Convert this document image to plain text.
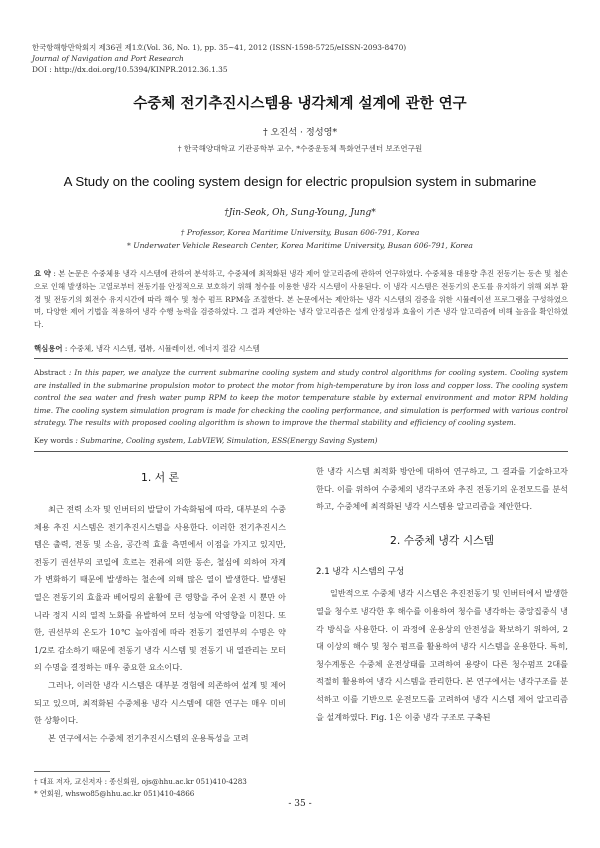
한국항해항만학회지 제36권 제1호(Vol. 36, No. 1), pp. 35~41, 2012 (ISSN-1598-5725/eISSN-2093-8470)
Journal of Navigation and Port Research
DOI : http://dx.doi.org/10.5394/KINPR.2012.36.1.35
수중체 전기추진시스템용 냉각체계 설계에 관한 연구
† 오진석 · 정성영*
† 한국해양대학교 기관공학부 교수, *수중운동체 특화연구센터 보조연구원
A Study on the cooling system design for electric propulsion system in submarine
†Jin-Seok, Oh, Sung-Young, Jung*
† Professor, Korea Maritime University, Busan 606-791, Korea
* Underwater Vehicle Research Center, Korea Maritime University, Busan 606-791, Korea
요 약 : 본 논문은 수중체용 냉각 시스템에 관하여 분석하고, 수중체에 최적화된 냉각 제어 알고리즘에 관하여 연구하였다. 수중체용 대용량 추진 전동기는 동손 및 철손으로 인해 발생하는 고열로부터 전동기를 안정적으로 보호하기 위해 청수를 이용한 냉각 시스템이 사용된다. 이 냉각 시스템은 전동기의 온도를 유지하기 위해 외부 환경 및 전동기의 회전수 유지시간에 따라 해수 및 청수 펌프 RPM을 조절한다. 본 논문에서는 제안하는 냉각 시스템의 검증을 위한 시뮬레이션 프로그램을 구성하였으며, 다양한 제어 기법을 적용하여 냉각 수행 능력을 검증하였다. 그 결과 제안하는 냉각 알고리즘은 설계 안정성과 효율이 기존 냉각 알고리즘에 비해 높음을 확인하였다.
핵심용어 : 수중체, 냉각 시스템, 랩뷰, 시뮬레이션, 에너지 절감 시스템
Abstract : In this paper, we analyze the current submarine cooling system and study control algorithms for cooling system. Cooling system are installed in the submarine propulsion motor to protect the motor from high-temperature by iron loss and copper loss. The cooling system control the sea water and fresh water pump RPM to keep the motor temperature stable by external environment and motor RPM holding time. The cooling system simulation program is made for checking the cooling performance, and simulation is performed with various control strategy. The results with proposed cooling algorithm is shown to improve the thermal stability and efficiency of cooling system.
Key words : Submarine, Cooling system, LabVIEW, Simulation, ESS(Energy Saving System)
1. 서 론

최근 전력 소자 및 인버터의 발달이 가속화됨에 따라, 대부분의 수중체용 추진 시스템은 전기추진시스템을 사용한다. 이러한 전기추진시스템은 출력, 전동 및 소음, 공간적 효율 측면에서 이점을 가지고 있지만, 전동기 권선부의 코일에 흐르는 전류에 의한 동손, 철심에 의하여 자계가 변화하기 때문에 발생하는 철손에 의해 많은 열이 발생한다. 발생된 열은 전동기의 효율과 베어링의 윤활에 큰 영향을 주어 운전 시 뿐만 아니라 정지 시의 열적 노화를 유발하여 모터 성능에 악영향을 미친다. 또한, 권선부의 온도가 10℃ 높아짐에 따라 전동기 절연부의 수명은 약 1/2로 감소하기 때문에 전동기 냉각 시스템 및 전동기 내 열관리는 모터의 수명을 결정하는 매우 중요한 요소이다.

그러나, 이러한 냉각 시스템은 대부분 경험에 의존하여 설계 및 제어되고 있으며, 최적화된 수중체용 냉각 시스템에 대한 연구는 매우 미비한 상황이다.

본 연구에서는 수중체 전기추진시스템의 운용특성을 고려

한 냉각 시스템 최적화 방안에 대하여 연구하고, 그 결과를 기술하고자 한다. 이를 위하여 수중체의 냉각구조와 추진 전동기의 운전모드를 분석하고, 수중체에 최적화된 냉각 시스템용 알고리즘을 제안한다.

2. 수중체 냉각 시스템
2.1 냉각 시스템의 구성

일반적으로 수중체 냉각 시스템은 추진전동기 및 인버터에서 발생한 열을 청수로 냉각한 후 해수를 이용하여 청수를 냉각하는 중앙집중식 냉각 방식을 사용한다. 이 과정에 운용상의 안전성을 확보하기 위하여, 2대 이상의 해수 및 청수 펌프를 활용하여 냉각 시스템을 운용한다. 특히, 청수계통은 수중체 운전상태를 고려하여 용량이 다른 청수펌프 2대를 적절히 활용하여 냉각 시스템을 관리한다. 본 연구에서는 냉각구조를 분석하고 이를 기반으로 운전모드를 고려하여 냉각 시스템 제어 알고리즘을 설계하였다. Fig. 1은 이중 냉각 구조로 구축된

† 대표 저자, 교신저자 : 종신회원, ojs@hhu.ac.kr 051)410-4283
* 연회원, whswo85@hhu.ac.kr 051)410-4866
- 35 -
